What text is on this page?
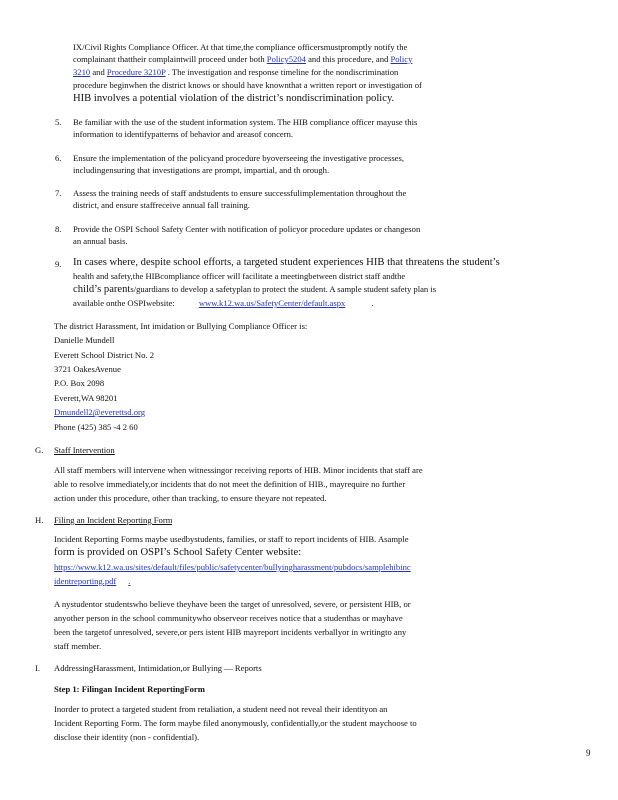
IX/Civil Rights Compliance Officer. At that time,the compliance officersmustpromptly notify the
complainant thattheir complaintwill proceed under both Policy5204 and this procedure, and Policy
3210 and Procedure 3210P . The investigation and response timeline for the nondiscrimination
procedure beginwhen the district knows or should have knownthat a written report or investigation of
HIB involves a potential violation of the district’s nondiscrimination policy.
5. Be familiar with the use of the student information system. The HIB compliance officer mayuse this
information to identifypatterns of behavior and areasof concern.
6. Ensure the implementation of the policyand procedure byoverseeing the investigative processes,
includingensuring that investigations are prompt, impartial, and th orough.
7. Assess the training needs of staff andstudents to ensure successfulimplementation throughout the
district, and ensure staffreceive annual fall training.
8. Provide the OSPI School Safety Center with notification of policyor procedure updates or changeson
an annual basis.
9. In cases where, despite school efforts, a targeted student experiences HIB that threatens the student’s
health and safety,the HIBcompliance officer will facilitate a meetingbetween district staff andthe
child’s parents/guardians to develop a safetyplan to protect the student. A sample student safety plan is
available onthe OSPIwebsite:	www.k12.wa.us/SafetyCenter/default.aspx	.
The district Harassment, Int imidation or Bullying Compliance Officer is:
Danielle Mundell
Everett School District No. 2
3721 OakesAvenue
P.O. Box 2098
Everett,WA 98201
Dmundell2@everettsd.org
Phone (425) 385 -4 2 60
G. Staff Intervention
All staff members will intervene when witnessingor receiving reports of HIB. Minor incidents that staff are
able to resolve immediately,or incidents that do not meet the definition of HIB., mayrequire no further
action under this procedure, other than tracking, to ensure theyare not repeated.
H. Filing an Incident Reporting Form
Incident Reporting Forms maybe usedbystudents, families, or staff to report incidents of HIB. Asample
form is provided on OSPI’s School Safety Center website:
https://www.k12.wa.us/sites/default/files/public/safetycenter/bullyingharassment/pubdocs/samplehibinc
identreporting.pdf .
A nystudentor studentswho believe theyhave been the target of unresolved, severe, or persistent HIB, or
anyother person in the school communitywho observeor receives notice that a studenthas or mayhave
been the targetof unresolved, severe,or pers istent HIB mayreport incidents verballyor in writingto any
staff member.
I. AddressingHarassment, Intimidation,or Bullying — Reports
Step 1: Filingan Incident ReportingForm
Inorder to protect a targeted student from retaliation, a student need not reveal their identityon an
Incident Reporting Form. The form maybe filed anonymously, confidentially,or the student maychoose to
disclose their identity (non - confidential).
9
